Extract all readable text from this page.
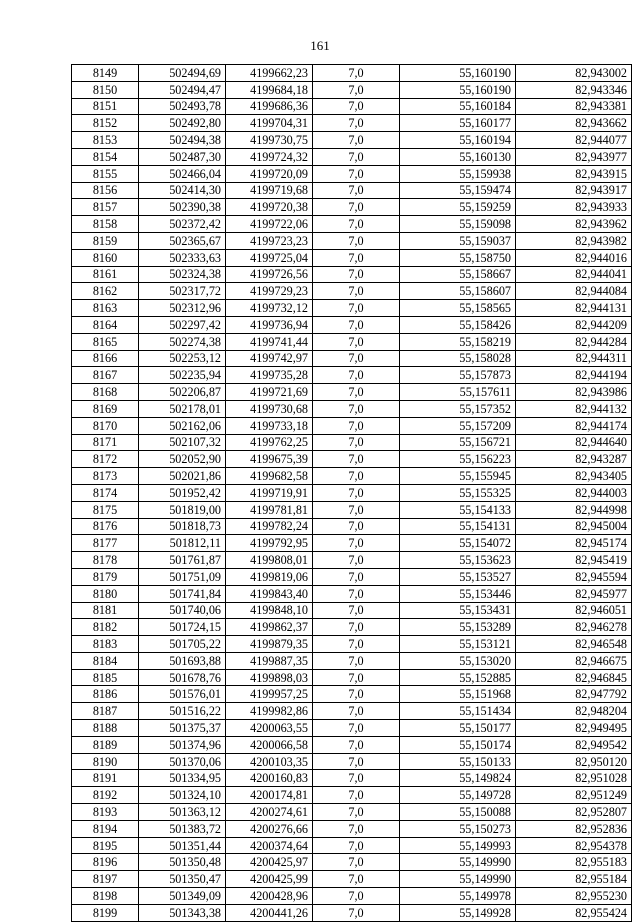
161
8149	502494,69	4199662,23	7,0	55,160190	82,943002
8150	502494,47	4199684,18	7,0	55,160190	82,943346
8151	502493,78	4199686,36	7,0	55,160184	82,943381
8152	502492,80	4199704,31	7,0	55,160177	82,943662
8153	502494,38	4199730,75	7,0	55,160194	82,944077
8154	502487,30	4199724,32	7,0	55,160130	82,943977
8155	502466,04	4199720,09	7,0	55,159938	82,943915
8156	502414,30	4199719,68	7,0	55,159474	82,943917
8157	502390,38	4199720,38	7,0	55,159259	82,943933
8158	502372,42	4199722,06	7,0	55,159098	82,943962
8159	502365,67	4199723,23	7,0	55,159037	82,943982
8160	502333,63	4199725,04	7,0	55,158750	82,944016
8161	502324,38	4199726,56	7,0	55,158667	82,944041
8162	502317,72	4199729,23	7,0	55,158607	82,944084
8163	502312,96	4199732,12	7,0	55,158565	82,944131
8164	502297,42	4199736,94	7,0	55,158426	82,944209
8165	502274,38	4199741,44	7,0	55,158219	82,944284
8166	502253,12	4199742,97	7,0	55,158028	82,944311
8167	502235,94	4199735,28	7,0	55,157873	82,944194
8168	502206,87	4199721,69	7,0	55,157611	82,943986
8169	502178,01	4199730,68	7,0	55,157352	82,944132
8170	502162,06	4199733,18	7,0	55,157209	82,944174
8171	502107,32	4199762,25	7,0	55,156721	82,944640
8172	502052,90	4199675,39	7,0	55,156223	82,943287
8173	502021,86	4199682,58	7,0	55,155945	82,943405
8174	501952,42	4199719,91	7,0	55,155325	82,944003
8175	501819,00	4199781,81	7,0	55,154133	82,944998
8176	501818,73	4199782,24	7,0	55,154131	82,945004
8177	501812,11	4199792,95	7,0	55,154072	82,945174
8178	501761,87	4199808,01	7,0	55,153623	82,945419
8179	501751,09	4199819,06	7,0	55,153527	82,945594
8180	501741,84	4199843,40	7,0	55,153446	82,945977
8181	501740,06	4199848,10	7,0	55,153431	82,946051
8182	501724,15	4199862,37	7,0	55,153289	82,946278
8183	501705,22	4199879,35	7,0	55,153121	82,946548
8184	501693,88	4199887,35	7,0	55,153020	82,946675
8185	501678,76	4199898,03	7,0	55,152885	82,946845
8186	501576,01	4199957,25	7,0	55,151968	82,947792
8187	501516,22	4199982,86	7,0	55,151434	82,948204
8188	501375,37	4200063,55	7,0	55,150177	82,949495
8189	501374,96	4200066,58	7,0	55,150174	82,949542
8190	501370,06	4200103,35	7,0	55,150133	82,950120
8191	501334,95	4200160,83	7,0	55,149824	82,951028
8192	501324,10	4200174,81	7,0	55,149728	82,951249
8193	501363,12	4200274,61	7,0	55,150088	82,952807
8194	501383,72	4200276,66	7,0	55,150273	82,952836
8195	501351,44	4200374,64	7,0	55,149993	82,954378
8196	501350,48	4200425,97	7,0	55,149990	82,955183
8197	501350,47	4200425,99	7,0	55,149990	82,955184
8198	501349,09	4200428,96	7,0	55,149978	82,955230
8199	501343,38	4200441,26	7,0	55,149928	82,955424
